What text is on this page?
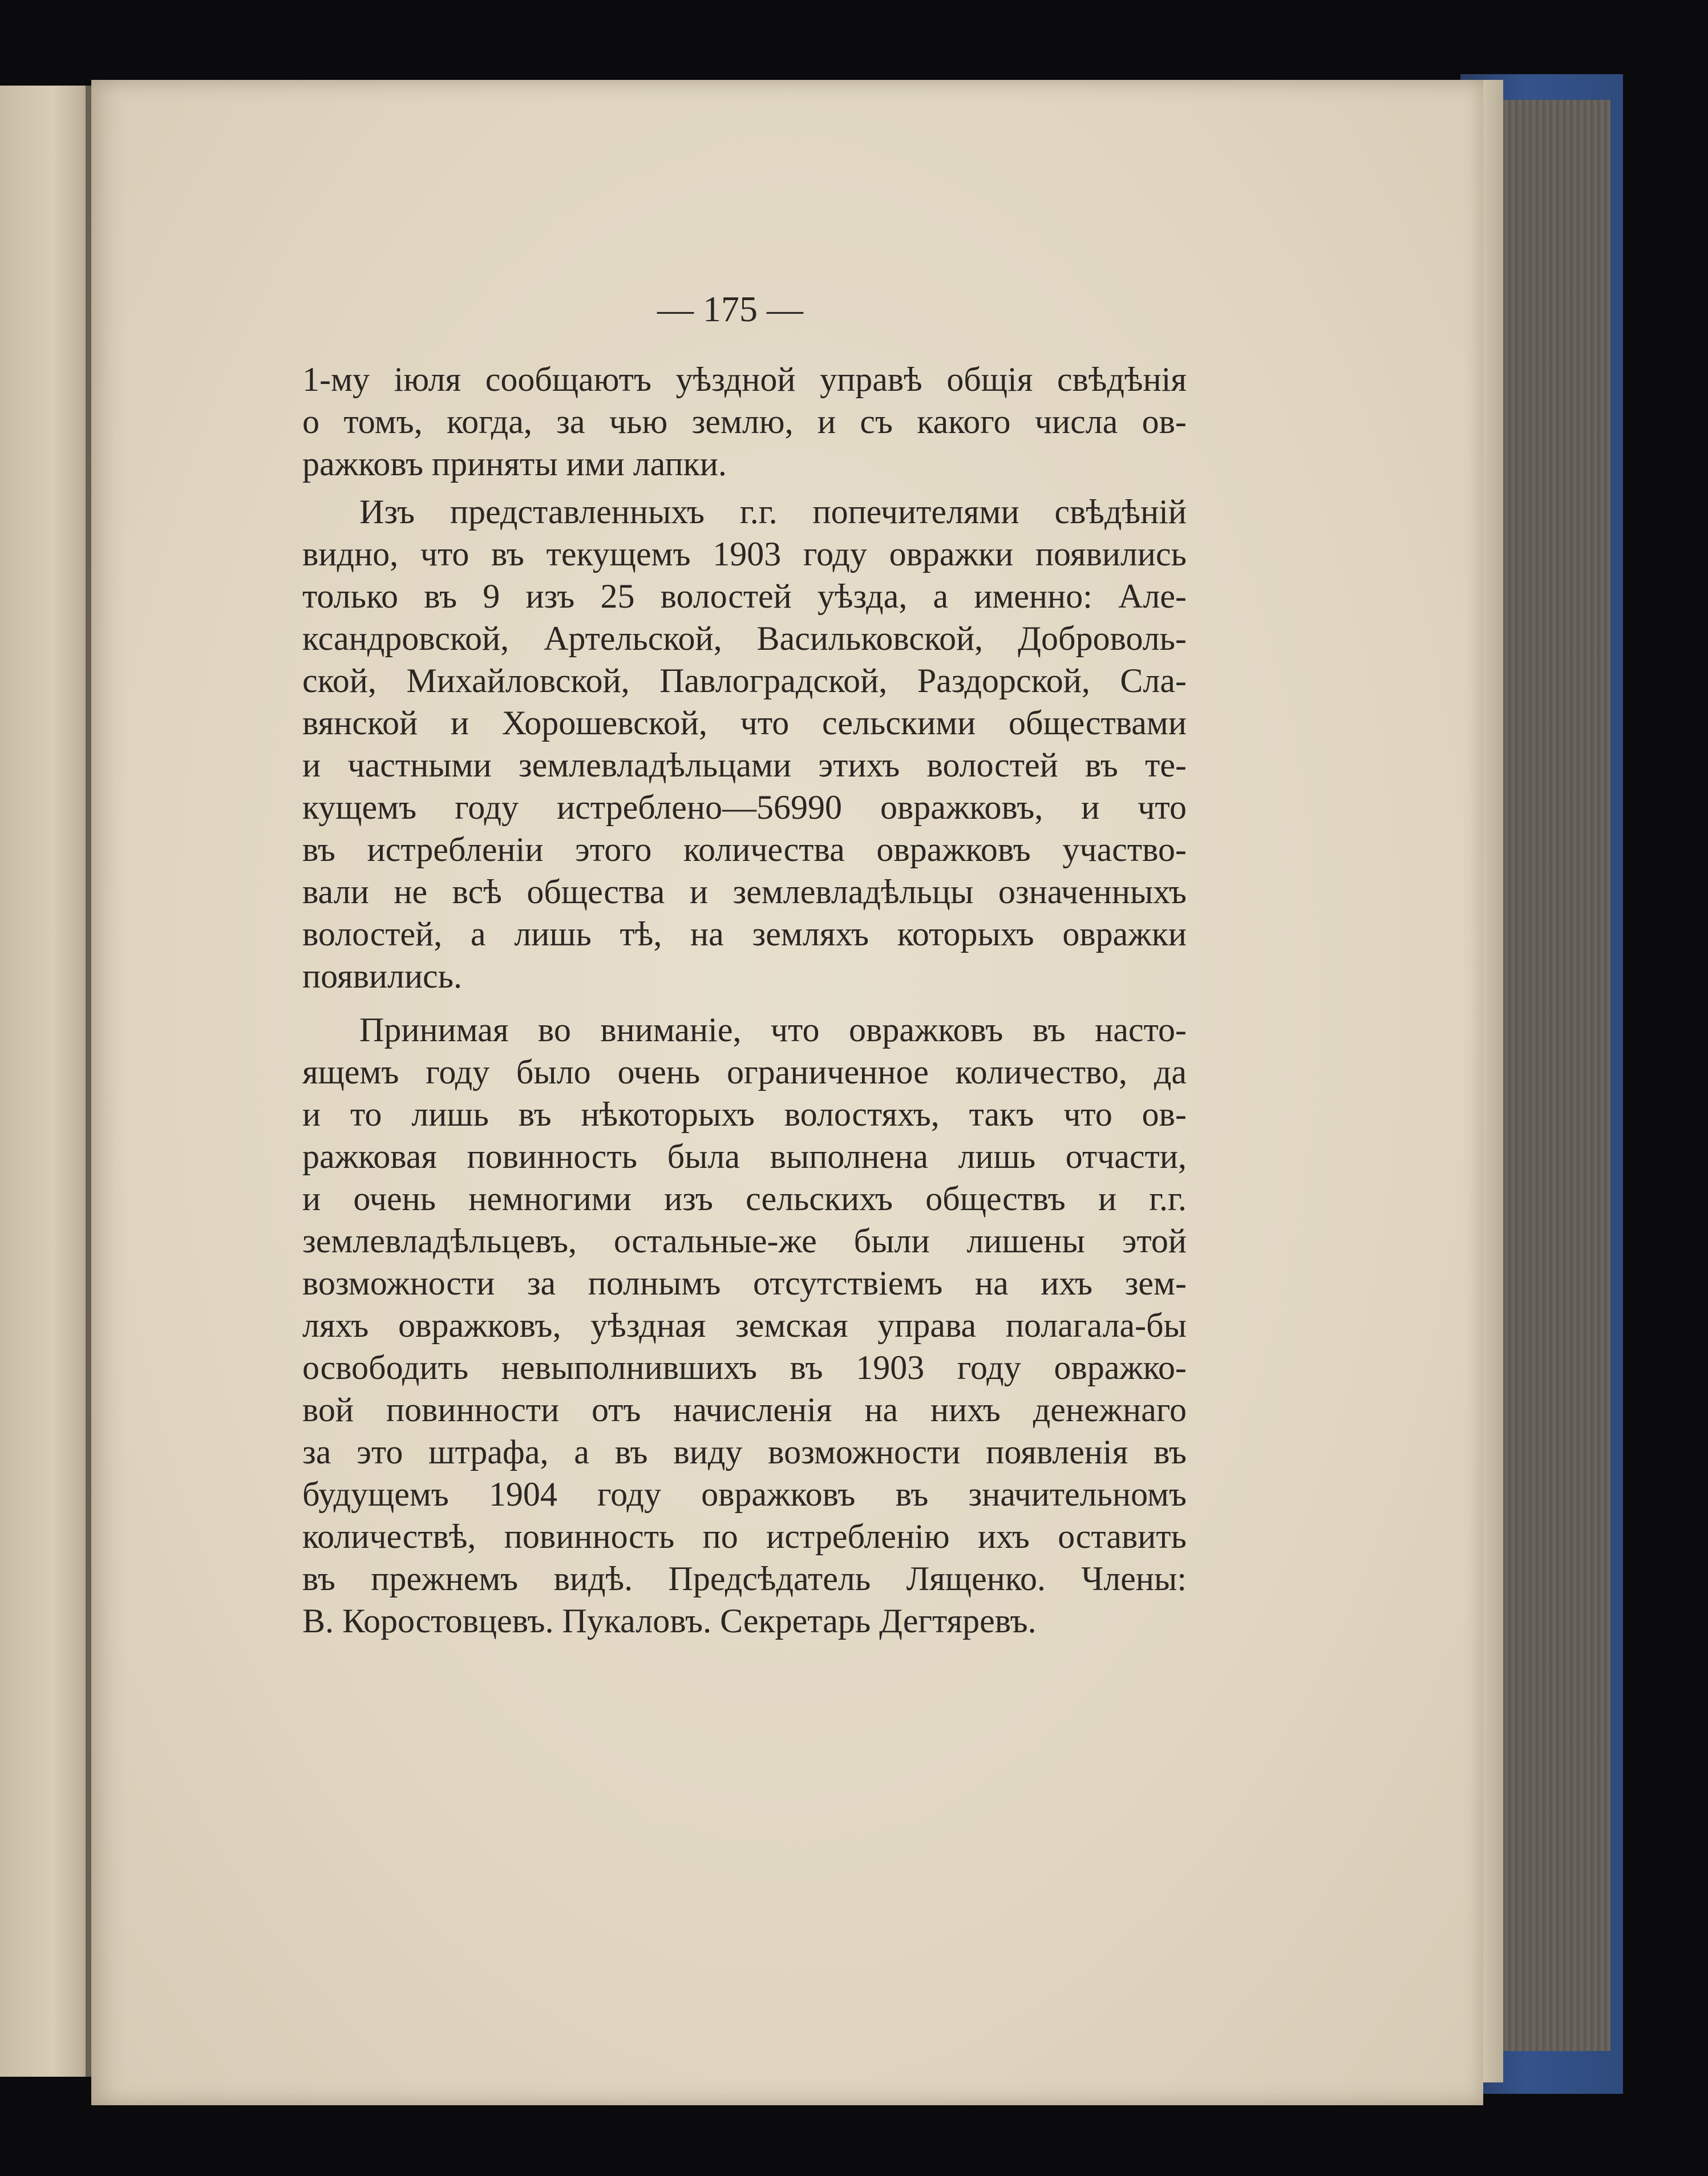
— 175 —
1-му іюля сообщаютъ уѣздной управѣ общія свѣдѣнія
о томъ, когда, за чью землю, и съ какого числа ов-
ражковъ приняты ими лапки.
Изъ представленныхъ г.г. попечителями свѣдѣній
видно, что въ текущемъ 1903 году овражки появились
только въ 9 изъ 25 волостей уѣзда, а именно: Але-
ксандровской, Артельской, Васильковской, Доброволь-
ской, Михайловской, Павлоградской, Раздорской, Сла-
вянской и Хорошевской, что сельскими обществами
и частными землевладѣльцами этихъ волостей въ те-
кущемъ году истреблено—56990 овражковъ, и что
въ истребленіи этого количества овражковъ участво-
вали не всѣ общества и землевладѣльцы означенныхъ
волостей, а лишь тѣ, на земляхъ которыхъ овражки
появились.
Принимая во вниманіе, что овражковъ въ насто-
ящемъ году было очень ограниченное количество, да
и то лишь въ нѣкоторыхъ волостяхъ, такъ что ов-
ражковая повинность была выполнена лишь отчасти,
и очень немногими изъ сельскихъ обществъ и г.г.
землевладѣльцевъ, остальные-же были лишены этой
возможности за полнымъ отсутствіемъ на ихъ зем-
ляхъ овражковъ, уѣздная земская управа полагала-бы
освободить невыполнившихъ въ 1903 году овражко-
вой повинности отъ начисленія на нихъ денежнаго
за это штрафа, а въ виду возможности появленія въ
будущемъ 1904 году овражковъ въ значительномъ
количествѣ, повинность по истребленію ихъ оставить
въ прежнемъ видѣ. Предсѣдатель Лященко. Члены:
В. Коростовцевъ. Пукаловъ. Секретарь Дегтяревъ.
